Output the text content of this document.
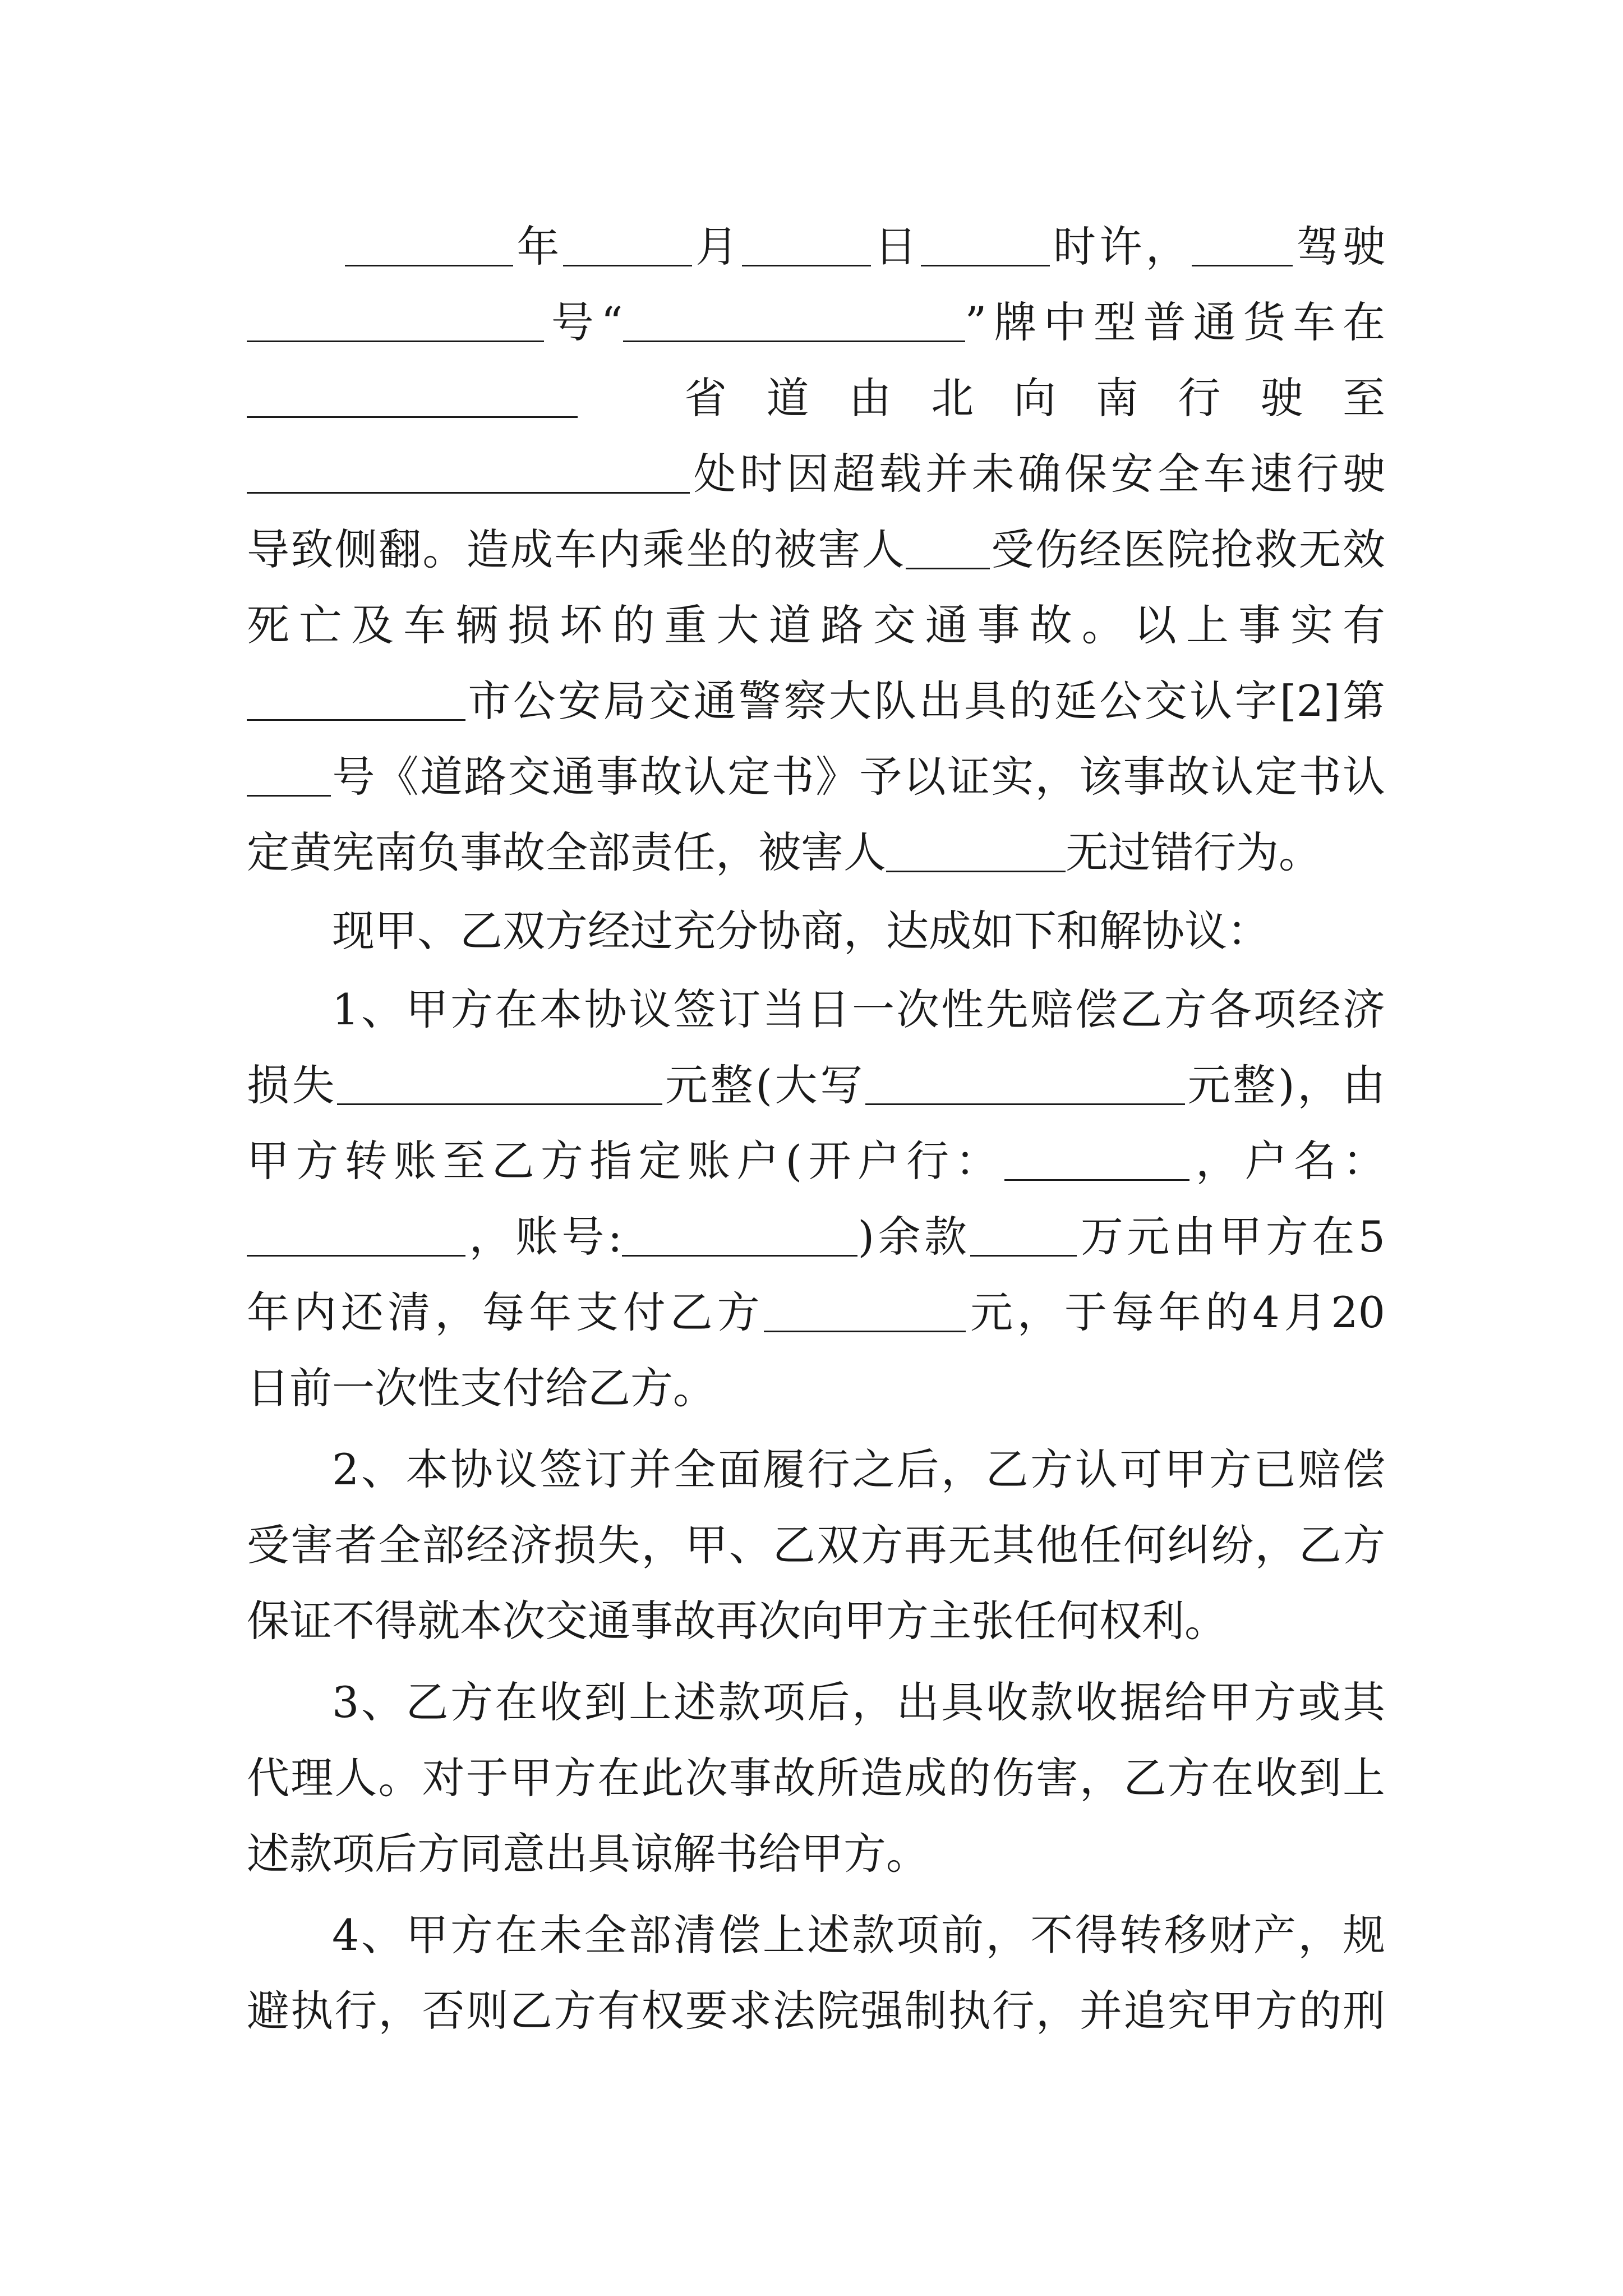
年	月	日	时许， 驾驶
号“	”牌中型普通货车在
省道由北向南行驶至
处时因超载并未确保安全车速行驶
导致侧翻。造成车内乘坐的被害人 受伤经医院抢救无效
死亡及车辆损坏的重大道路交通事故。以上事实有
市公安局交通警察大队出具的延公交认字[2]第
号《道路交通事故认定书》予以证实，该事故认定书认
定黄宪南负事故全部责任，被害人	无过错行为。
现甲、乙双方经过充分协商，达成如下和解协议：
1、甲方在本协议签订当日一次性先赔偿乙方各项经济
损失	元整(大写	元整)，由
甲方转账至乙方指定账户(开户行：	，户名：
，账号:	)余款	万元由甲方在5
年内还清，每年支付乙方	元，于每年的4月20
日前一次性支付给乙方。
2、本协议签订并全面履行之后，乙方认可甲方已赔偿
受害者全部经济损失，甲、乙双方再无其他任何纠纷，乙方
保证不得就本次交通事故再次向甲方主张任何权利。
3、乙方在收到上述款项后，出具收款收据给甲方或其
代理人。对于甲方在此次事故所造成的伤害，乙方在收到上
述款项后方同意出具谅解书给甲方。
4、甲方在未全部清偿上述款项前，不得转移财产，规
避执行，否则乙方有权要求法院强制执行，并追究甲方的刑
